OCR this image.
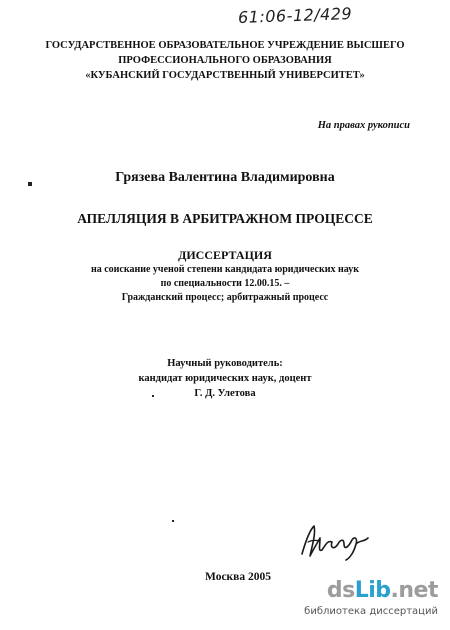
61:06-12/429
ГОСУДАРСТВЕННОЕ ОБРАЗОВАТЕЛЬНОЕ УЧРЕЖДЕНИЕ ВЫСШЕГО
ПРОФЕССИОНАЛЬНОГО ОБРАЗОВАНИЯ
«КУБАНСКИЙ ГОСУДАРСТВЕННЫЙ УНИВЕРСИТЕТ»
На правах рукописи
Грязева Валентина Владимировна
АПЕЛЛЯЦИЯ В АРБИТРАЖНОМ ПРОЦЕССЕ
ДИССЕРТАЦИЯ
на соискание ученой степени кандидата юридических наук
по специальности 12.00.15. –
Гражданский процесс; арбитражный процесс
Научный руководитель:
кандидат юридических наук, доцент
Г. Д. Улетова
Москва 2005
dsLib.net
библиотека диссертаций
